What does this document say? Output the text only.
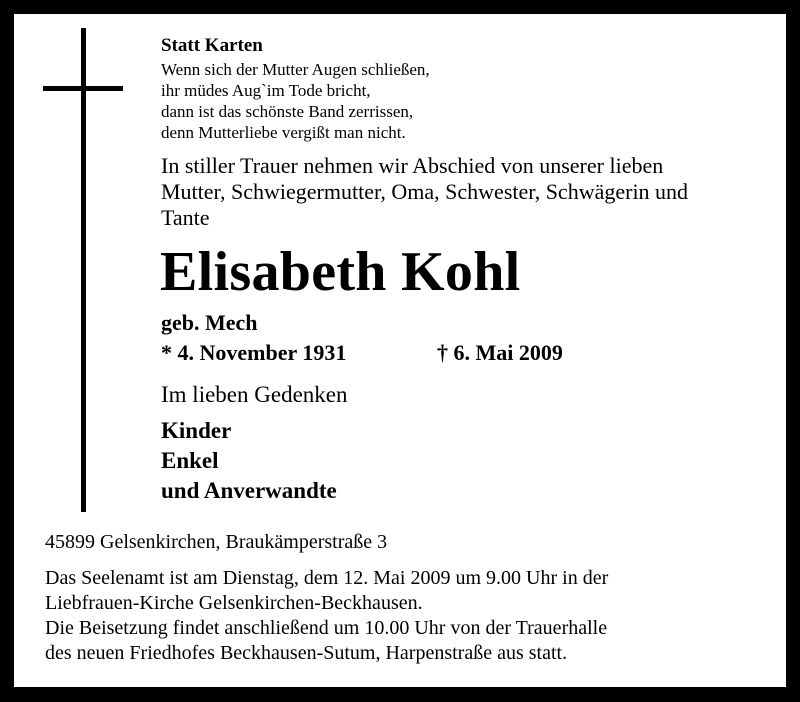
Statt Karten
Wenn sich der Mutter Augen schließen,
ihr müdes Aug`im Tode bricht,
dann ist das schönste Band zerrissen,
denn Mutterliebe vergißt man nicht.
In stiller Trauer nehmen wir Abschied von unserer lieben
Mutter, Schwiegermutter, Oma, Schwester, Schwägerin und
Tante
Elisabeth Kohl
geb. Mech
* 4. November 1931	† 6. Mai 2009
Im lieben Gedenken
Kinder
Enkel
und Anverwandte
45899 Gelsenkirchen, Braukämperstraße 3
Das Seelenamt ist am Dienstag, dem 12. Mai 2009 um 9.00 Uhr in der
Liebfrauen-Kirche Gelsenkirchen-Beckhausen.
Die Beisetzung findet anschließend um 10.00 Uhr von der Trauerhalle
des neuen Friedhofes Beckhausen-Sutum, Harpenstraße aus statt.
